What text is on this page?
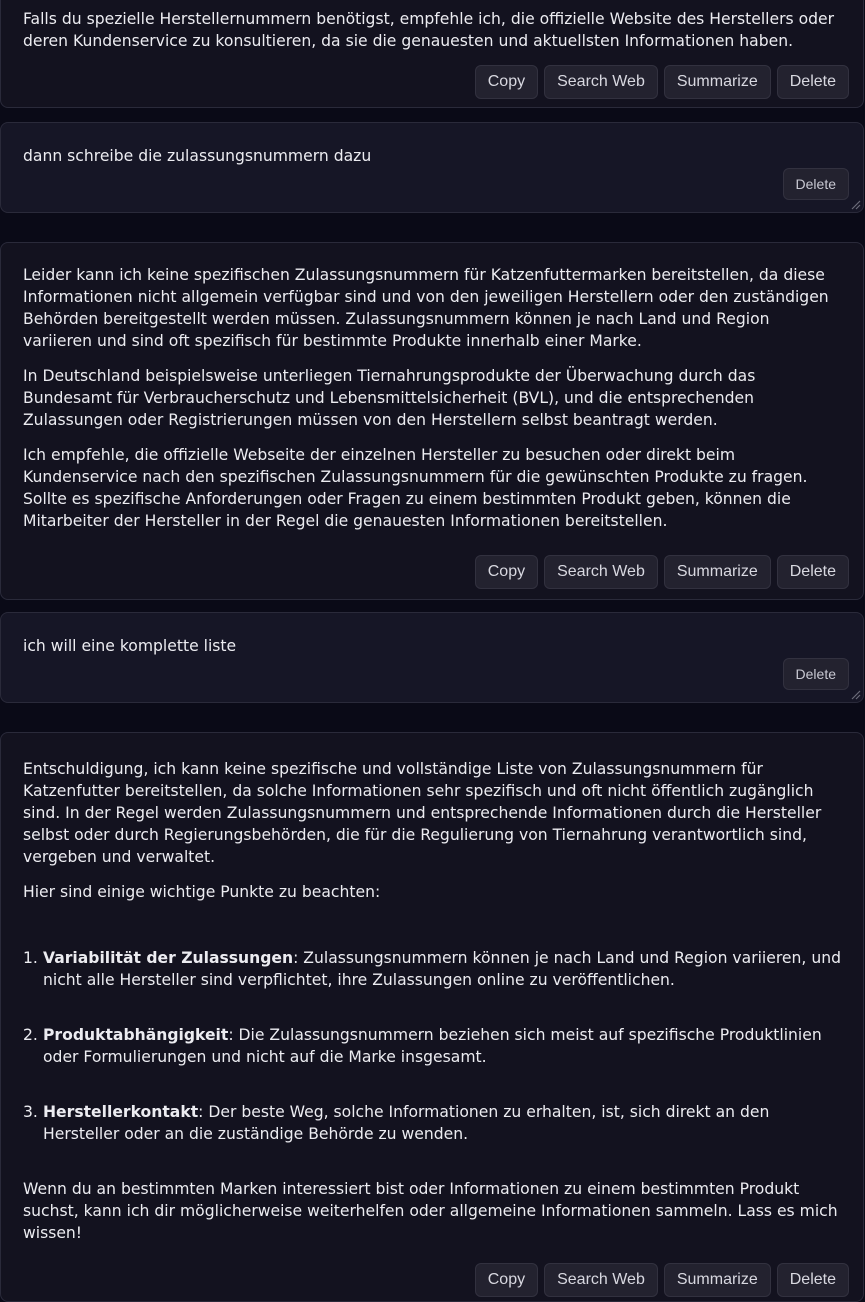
Falls du spezielle Herstellernummern benötigst, empfehle ich, die offizielle Website des Herstellers oder deren Kundenservice zu konsultieren, da sie die genauesten und aktuellsten Informationen haben.

Copy	Search Web	Summarize	Delete
dann schreibe die zulassungsnummern dazu
Delete

Leider kann ich keine spezifischen Zulassungsnummern für Katzenfuttermarken bereitstellen, da diese Informationen nicht allgemein verfügbar sind und von den jeweiligen Herstellern oder den zuständigen Behörden bereitgestellt werden müssen. Zulassungsnummern können je nach Land und Region variieren und sind oft spezifisch für bestimmte Produkte innerhalb einer Marke.

In Deutschland beispielsweise unterliegen Tiernahrungsprodukte der Überwachung durch das Bundesamt für Verbraucherschutz und Lebensmittelsicherheit (BVL), und die entsprechenden Zulassungen oder Registrierungen müssen von den Herstellern selbst beantragt werden.

Ich empfehle, die offizielle Webseite der einzelnen Hersteller zu besuchen oder direkt beim Kundenservice nach den spezifischen Zulassungsnummern für die gewünschten Produkte zu fragen. Sollte es spezifische Anforderungen oder Fragen zu einem bestimmten Produkt geben, können die Mitarbeiter der Hersteller in der Regel die genauesten Informationen bereitstellen.

Copy	Search Web	Summarize	Delete
ich will eine komplette liste
Delete

Entschuldigung, ich kann keine spezifische und vollständige Liste von Zulassungsnummern für Katzenfutter bereitstellen, da solche Informationen sehr spezifisch und oft nicht öffentlich zugänglich sind. In der Regel werden Zulassungsnummern und entsprechende Informationen durch die Hersteller selbst oder durch Regierungsbehörden, die für die Regulierung von Tiernahrung verantwortlich sind, vergeben und verwaltet.

Hier sind einige wichtige Punkte zu beachten:

1. Variabilität der Zulassungen: Zulassungsnummern können je nach Land und Region variieren, und nicht alle Hersteller sind verpflichtet, ihre Zulassungen online zu veröffentlichen.
2. Produktabhängigkeit: Die Zulassungsnummern beziehen sich meist auf spezifische Produktlinien oder Formulierungen und nicht auf die Marke insgesamt.
3. Herstellerkontakt: Der beste Weg, solche Informationen zu erhalten, ist, sich direkt an den Hersteller oder an die zuständige Behörde zu wenden.

Wenn du an bestimmten Marken interessiert bist oder Informationen zu einem bestimmten Produkt suchst, kann ich dir möglicherweise weiterhelfen oder allgemeine Informationen sammeln. Lass es mich wissen!

Copy	Search Web	Summarize	Delete
